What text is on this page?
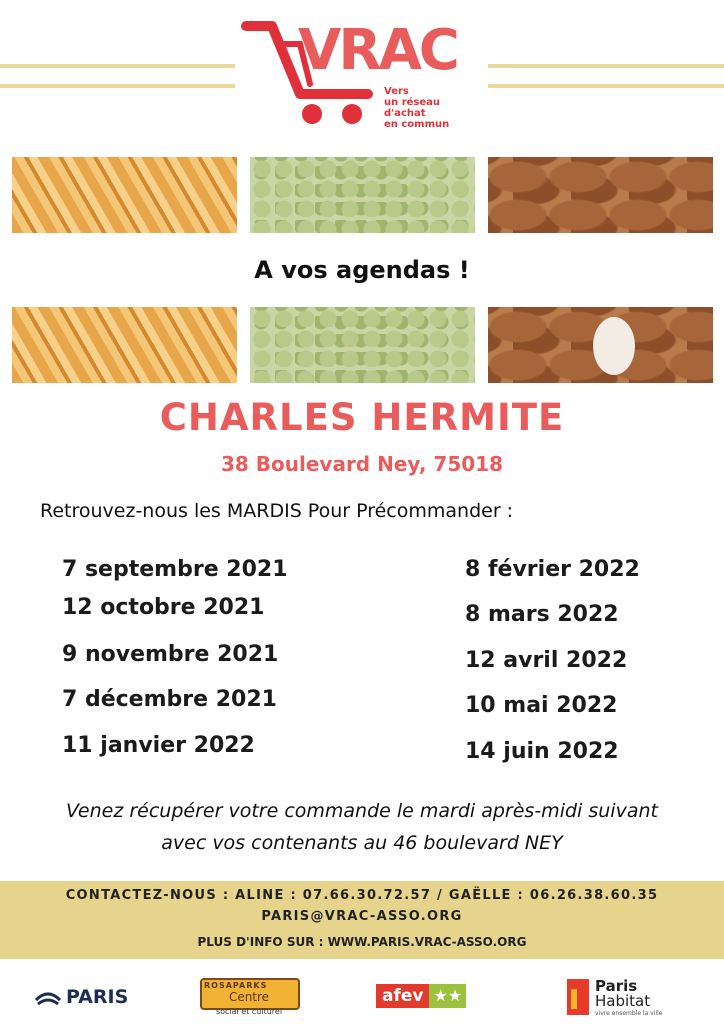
VRAC
Vers
un réseau
d'achat
en commun
A vos agendas !
CHARLES HERMITE
38 Boulevard Ney, 75018
Retrouvez-nous les MARDIS Pour Précommander :
7 septembre 2021
12 octobre 2021
9 novembre 2021
7 décembre 2021
11 janvier 2022
8 février 2022
8 mars 2022
12 avril 2022
10 mai 2022
14 juin 2022
Venez récupérer votre commande le mardi après-midi suivant
avec vos contenants au 46 boulevard NEY
CONTACTEZ-NOUS : ALINE : 07.66.30.72.57 / GAËLLE : 06.26.38.60.35
PARIS@VRAC-ASSO.ORG
PLUS D'INFO SUR : WWW.PARIS.VRAC-ASSO.ORG
PARIS
ROSAPARKS
Centre
social et culturel
afev ★★	Paris
Habitat
vivre ensemble la ville
